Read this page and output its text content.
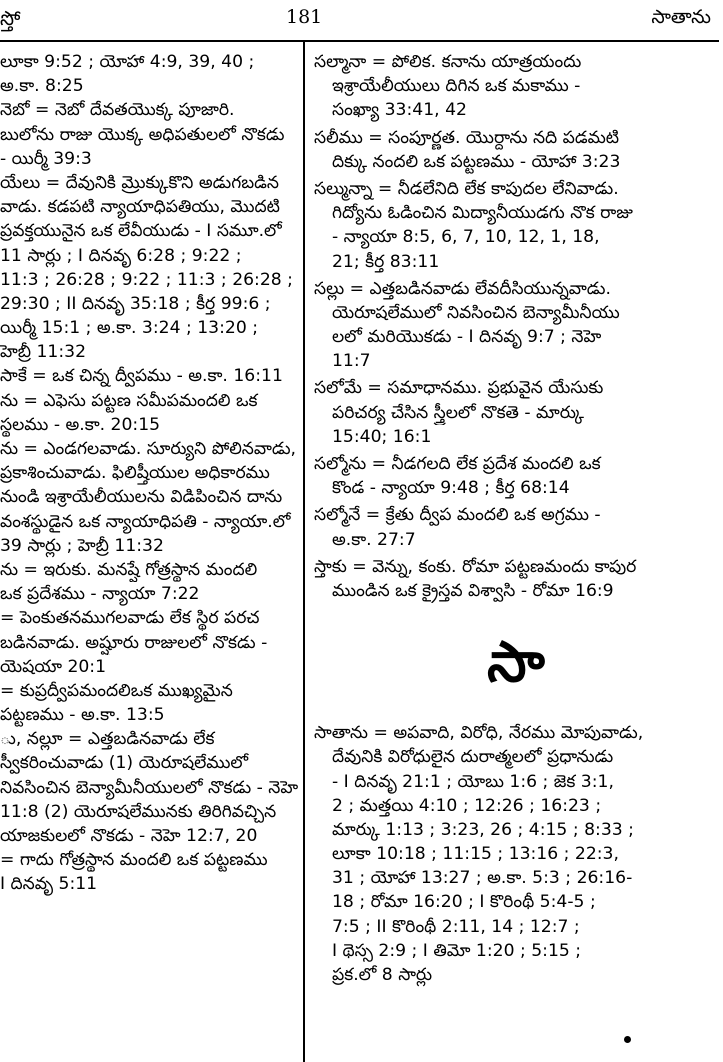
స్తో	181	సాతాను
లూకా 9:52 ; యోహా 4:9, 39, 40 ;
అ.కా. 8:25
నెబో = నెబో దేవతయొక్క పూజారి.
బులోను రాజు యొక్క అధిపతులలో నొకడు
- యిర్మీ 39:3
యేలు = దేవునికి మ్రొక్కుకొని అడుగబడిన
వాడు. కడపటి న్యాయాధిపతియు, మొదటి
ప్రవక్తయునైన ఒక లేవీయుడు - I సమూ.లో
11 సార్లు ; I దినవృ 6:28 ; 9:22 ;
11:3 ; 26:28 ; 9:22 ; 11:3 ; 26:28 ;
29:30 ; II దినవృ 35:18 ; కీర్త 99:6 ;
యిర్మీ 15:1 ; అ.కా. 3:24 ; 13:20 ;
హెబ్రీ 11:32
సాకే = ఒక చిన్న ద్వీపము - అ.కా. 16:11
ను = ఎఫెసు పట్టణ సమీపమందలి ఒక
స్థలము - అ.కా. 20:15
ను = ఎండగలవాడు. సూర్యుని పోలినవాడు,
ప్రకాశించువాడు. ఫిలిష్తీయుల అధికారము
నుండి ఇశ్రాయేలీయులను విడిపించిన దాను
వంశస్థుడైన ఒక న్యాయాధిపతి - న్యాయా.లో
39 సార్లు ; హెబ్రీ 11:32
ను = ఇరుకు. మనష్షే గోత్రస్థాన మందలి
ఒక ప్రదేశము - న్యాయా 7:22
= పెంకుతనముగలవాడు లేక స్థిర పరచ
బడినవాడు. అష్షూరు రాజులలో నొకడు -
యెషయా 20:1
= కుప్రద్వీపమందలిఒక ముఖ్యమైన
పట్టణము - అ.కా. 13:5
ు, నల్లూ = ఎత్తబడినవాడు లేక
స్వీకరించువాడు (1) యెరూషలేములో
నివసించిన బెన్యామీనీయులలో నొకడు - నెహె
11:8 (2) యెరూషలేమునకు తిరిగివచ్చిన
యాజకులలో నొకడు - నెహె 12:7, 20
= గాదు గోత్రస్థాన మందలి ఒక పట్టణము
I దినవృ 5:11
సల్మానా = పోలిక. కనాను యాత్రయందు
ఇశ్రాయేలీయులు దిగిన ఒక మకాము -
సంఖ్యా 33:41, 42
సలీము = సంపూర్ణత. యొర్దాను నది పడమటి
దిక్కు నందలి ఒక పట్టణము - యోహా 3:23
సల్మున్నా = నీడలేనిది లేక కాపుదల లేనివాడు.
గిద్యోను ఓడించిన మిద్యానీయుడగు నొక రాజు
- న్యాయా 8:5, 6, 7, 10, 12, 1, 18,
21; కీర్త 83:11
సల్లు = ఎత్తబడినవాడు లేవదీసియున్నవాడు.
యెరూషలేములో నివసించిన బెన్యామీనీయు
లలో మరియొకడు - I దినవృ 9:7 ; నెహె
11:7
సలోమే = సమాధానము. ప్రభువైన యేసుకు
పరిచర్య చేసిన స్త్రీలలో నొకతె - మార్కు
15:40; 16:1
సల్మోను = నీడగలది లేక ప్రదేశ మందలి ఒక
కొండ - న్యాయా 9:48 ; కీర్త 68:14
సల్మోనే = క్రేతు ద్వీప మందలి ఒక అగ్రము -
అ.కా. 27:7
స్తాకు = వెన్ను, కంకు. రోమా పట్టణమందు కాపుర
ముండిన ఒక క్రైస్తవ విశ్వాసి - రోమా 16:9
సా
సాతాను = అపవాది, విరోధి, నేరము మోపువాడు,
దేవునికి విరోధులైన దురాత్మలలో ప్రధానుడు
- I దినవృ 21:1 ; యోబు 1:6 ; జెక 3:1,
2 ; మత్తయి 4:10 ; 12:26 ; 16:23 ;
మార్కు 1:13 ; 3:23, 26 ; 4:15 ; 8:33 ;
లూకా 10:18 ; 11:15 ; 13:16 ; 22:3,
31 ; యోహా 13:27 ; అ.కా. 5:3 ; 26:16-
18 ; రోమా 16:20 ; I కొరింథీ 5:4-5 ;
7:5 ; II కొరింథీ 2:11, 14 ; 12:7 ;
I థెస్స 2:9 ; I తిమో 1:20 ; 5:15 ;
ప్రక.లో 8 సార్లు
